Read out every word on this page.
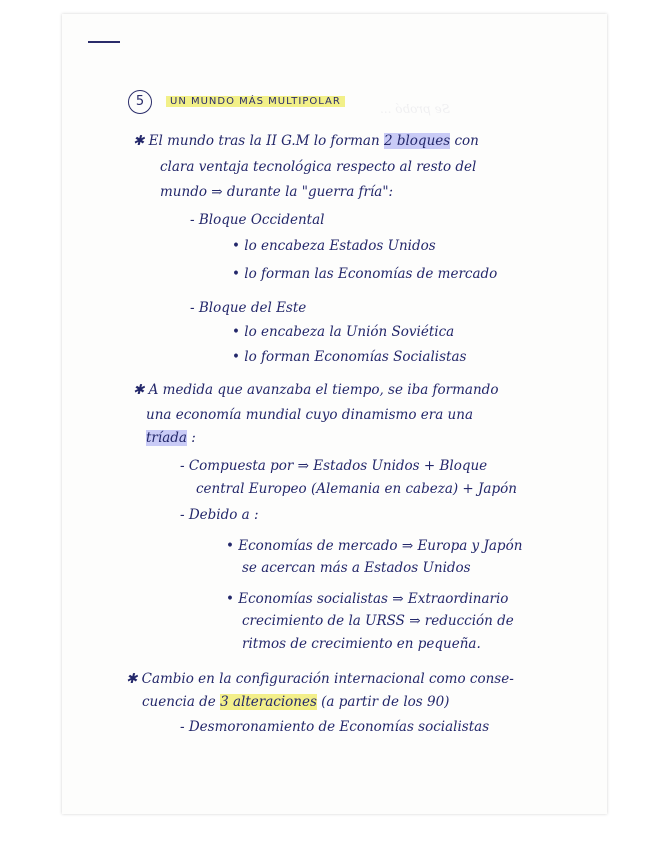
Se probó ...
5	UN MUNDO MÁS MULTIPOLAR
✱ El mundo tras la II G.M lo forman 2 bloques con
clara ventaja tecnológica respecto al resto del
mundo ⇒ durante la "guerra fría":
- Bloque Occidental
• lo encabeza Estados Unidos
• lo forman las Economías de mercado
- Bloque del Este
• lo encabeza la Unión Soviética
• lo forman Economías Socialistas
✱ A medida que avanzaba el tiempo, se iba formando
una economía mundial cuyo dinamismo era una
tríada :
- Compuesta por ⇒ Estados Unidos + Bloque
central Europeo (Alemania en cabeza) + Japón
- Debido a :
• Economías de mercado ⇒ Europa y Japón
se acercan más a Estados Unidos
• Economías socialistas ⇒ Extraordinario
crecimiento de la URSS ⇒ reducción de
ritmos de crecimiento en pequeña.
✱ Cambio en la configuración internacional como conse-
cuencia de 3 alteraciones (a partir de los 90)
- Desmoronamiento de Economías socialistas
